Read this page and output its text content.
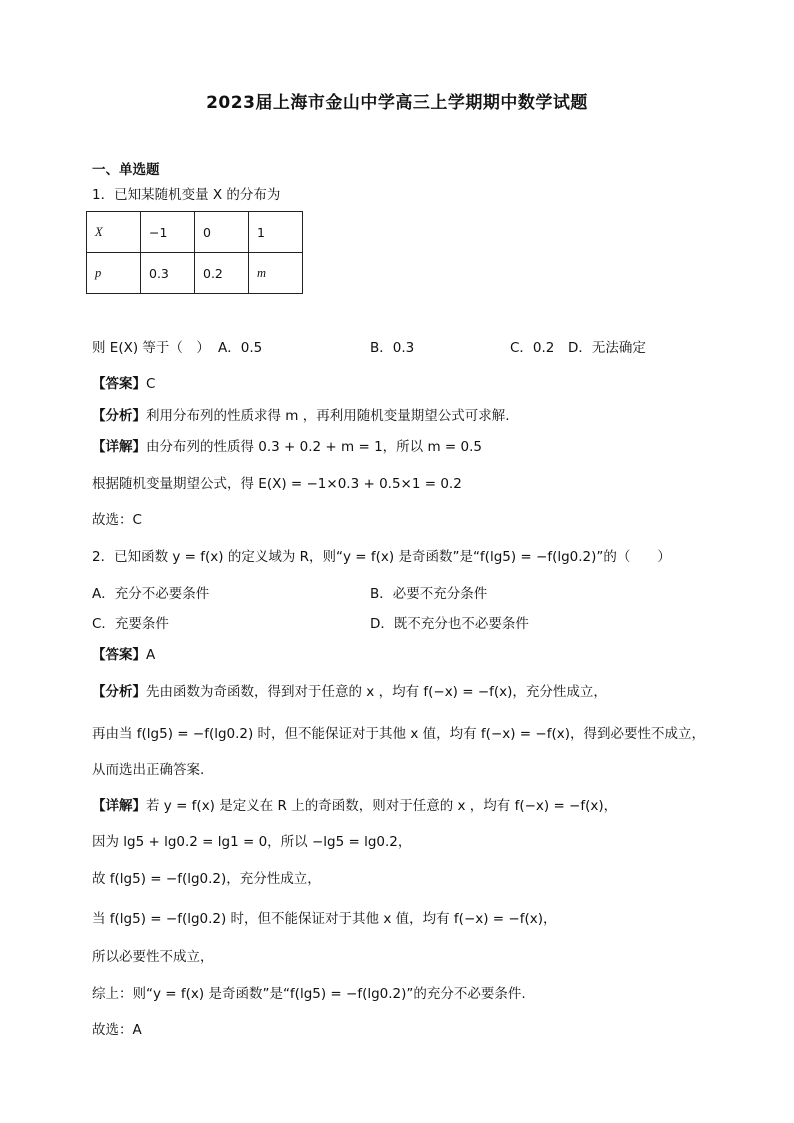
2023届上海市金山中学高三上学期期中数学试题
一、单选题
1．已知某随机变量 X 的分布为
X	−1	0	1
p	0.3	0.2	m
则 E(X) 等于（　） A．0.5	B．0.3	C．0.2 D．无法确定
【答案】C
【分析】利用分布列的性质求得 m ，再利用随机变量期望公式可求解.
【详解】由分布列的性质得 0.3 + 0.2 + m = 1，所以 m = 0.5
根据随机变量期望公式，得 E(X) = −1×0.3 + 0.5×1 = 0.2
故选：C
2．已知函数 y = f(x) 的定义域为 R，则“y = f(x) 是奇函数”是“f(lg5) = −f(lg0.2)”的（　　）
A．充分不必要条件	B．必要不充分条件
C．充要条件	D．既不充分也不必要条件
【答案】A
【分析】先由函数为奇函数，得到对于任意的 x ，均有 f(−x) = −f(x)，充分性成立，
再由当 f(lg5) = −f(lg0.2) 时，但不能保证对于其他 x 值，均有 f(−x) = −f(x)，得到必要性不成立，
从而选出正确答案.
【详解】若 y = f(x) 是定义在 R 上的奇函数，则对于任意的 x ，均有 f(−x) = −f(x)，
因为 lg5 + lg0.2 = lg1 = 0，所以 −lg5 = lg0.2，
故 f(lg5) = −f(lg0.2)，充分性成立，
当 f(lg5) = −f(lg0.2) 时，但不能保证对于其他 x 值，均有 f(−x) = −f(x)，
所以必要性不成立，
综上：则“y = f(x) 是奇函数”是“f(lg5) = −f(lg0.2)”的充分不必要条件.
故选：A
